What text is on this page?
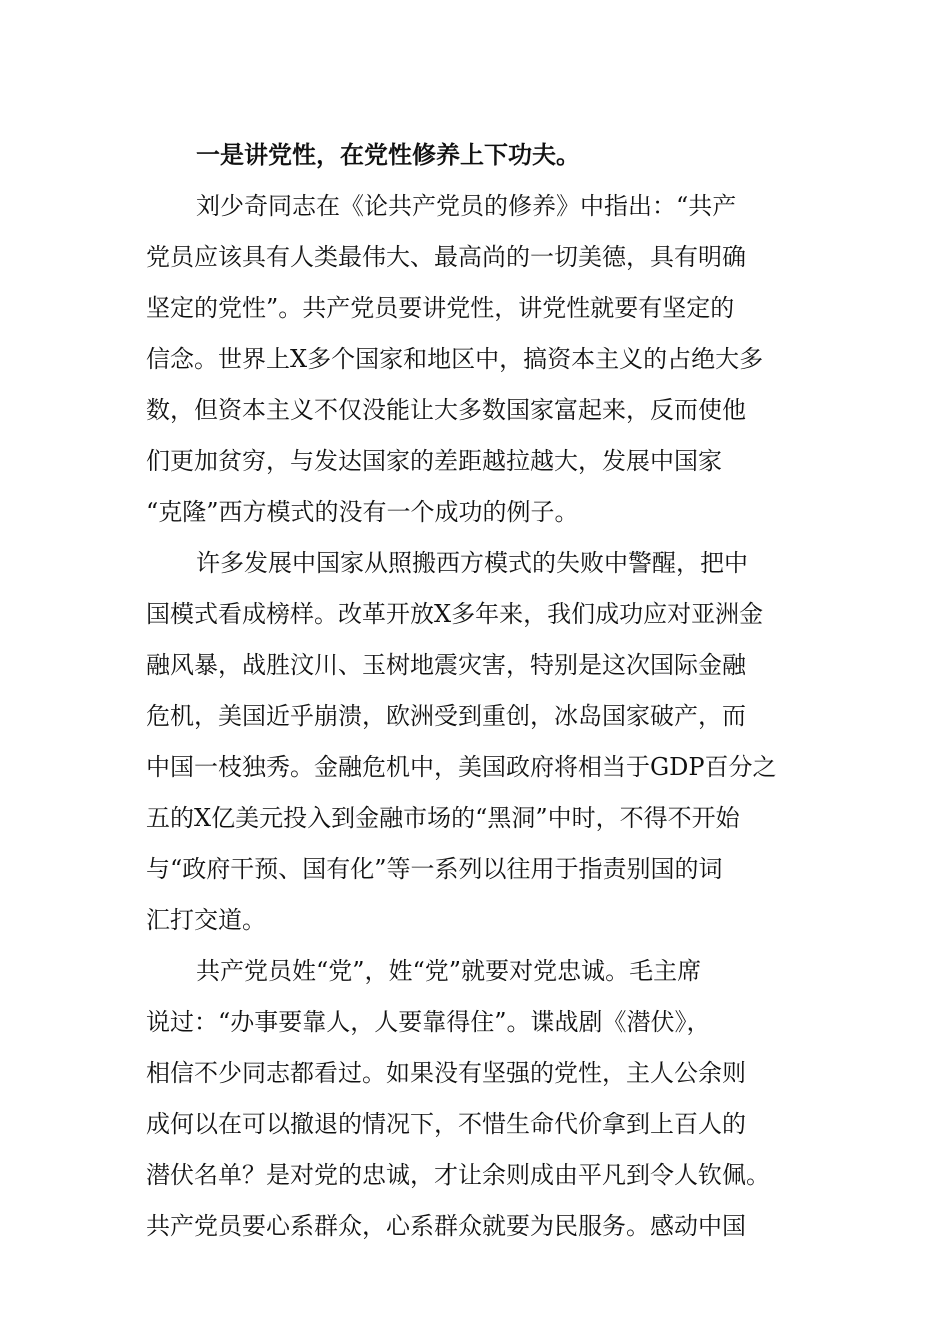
一是讲党性，在党性修养上下功夫。
刘少奇同志在《论共产党员的修养》中指出：“共产
党员应该具有人类最伟大、最高尚的一切美德，具有明确
坚定的党性”。共产党员要讲党性，讲党性就要有坚定的
信念。世界上X多个国家和地区中，搞资本主义的占绝大多
数，但资本主义不仅没能让大多数国家富起来，反而使他
们更加贫穷，与发达国家的差距越拉越大，发展中国家
“克隆”西方模式的没有一个成功的例子。
许多发展中国家从照搬西方模式的失败中警醒，把中
国模式看成榜样。改革开放X多年来，我们成功应对亚洲金
融风暴，战胜汶川、玉树地震灾害，特别是这次国际金融
危机，美国近乎崩溃，欧洲受到重创，冰岛国家破产，而
中国一枝独秀。金融危机中，美国政府将相当于GDP百分之
五的X亿美元投入到金融市场的“黑洞”中时，不得不开始
与“政府干预、国有化”等一系列以往用于指责别国的词
汇打交道。
共产党员姓“党”，姓“党”就要对党忠诚。毛主席
说过：“办事要靠人，人要靠得住”。谍战剧《潜伏》，
相信不少同志都看过。如果没有坚强的党性，主人公余则
成何以在可以撤退的情况下，不惜生命代价拿到上百人的
潜伏名单？是对党的忠诚，才让余则成由平凡到令人钦佩。
共产党员要心系群众，心系群众就要为民服务。感动中国
